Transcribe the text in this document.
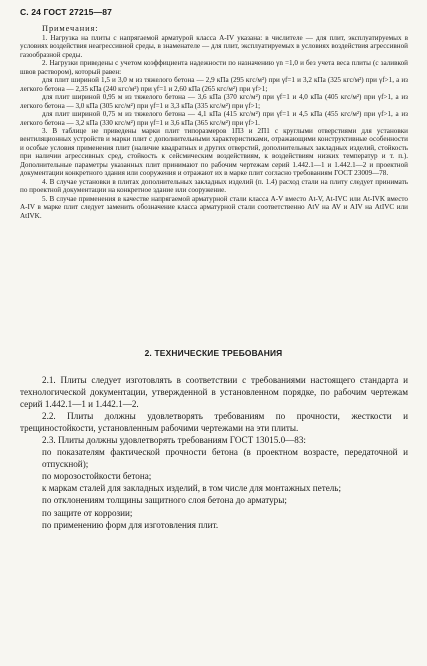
С. 24 ГОСТ 27215—87
Примечания:

1. Нагрузка на плиты с напрягаемой арматурой класса A-IV указана: в числителе — для плит, эксплуатируемых в условиях воздействия неагрессивной среды, в знаменателе — для плит, эксплуатируемых в условиях воздействия агрессивной газообразной среды.

2. Нагрузки приведены с учетом коэффициента надежности по назначению γn =1,0 и без учета веса плиты (с заливкой швов раствором), который равен:

для плит шириной 1,5 и 3,0 м из тяжелого бетона — 2,9 кПа (295 кгс/м²) при γf=1 и 3,2 кПа (325 кгс/м²) при γf>1, а из легкого бетона — 2,35 кПа (240 кгс/м²) при γf=1 и 2,60 кПа (265 кгс/м²) при γf>1;

для плит шириной 0,95 м из тяжелого бетона — 3,6 кПа (370 кгс/м²) при γf=1 и 4,0 кПа (405 кгс/м²) при γf>1, а из легкого бетона — 3,0 кПа (305 кгс/м²) при γf=1 и 3,3 кПа (335 кгс/м²) при γf>1;

для плит шириной 0,75 м из тяжелого бетона — 4,1 кПа (415 кгс/м²) при γf=1 и 4,5 кПа (455 кгс/м²) при γf>1, а из легкого бетона — 3,2 кПа (330 кгс/м²) при γf=1 и 3,6 кПа (365 кгс/м²) при γf>1.

3. В таблице не приведены марки плит типоразмеров 1П3 и 2П1 с круглыми отверстиями для установки вентиляционных устройств и марки плит с дополнительными характеристиками, отражающими конструктивные особенности и особые условия применения плит (наличие квадратных и других отверстий, дополнительных закладных изделий, стойкость при наличии агрессивных сред, стойкость к сейсмическим воздействиям, к воздействиям низких температур и т. п.). Дополнительные параметры указанных плит принимают по рабочим чертежам серий 1.442.1—1 и 1.442.1—2 и проектной документации конкретного здания или сооружения и отражают их в марке плит согласно требованиям ГОСТ 23009—78.

4. В случае установки в плитах дополнительных закладных изделий (п. 1.4) расход стали на плиту следует принимать по проектной документации на конкретное здание или сооружение.

5. В случае применения в качестве напрягаемой арматурной стали класса A-V вместо At-V, At-IVC или At-IVK вместо A-IV в марке плит следует заменить обозначение класса арматурной стали соответственно AtV на AV и AIV на AtIVC или AtIVK.

2. ТЕХНИЧЕСКИЕ ТРЕБОВАНИЯ

2.1. Плиты следует изготовлять в соответствии с требованиями настоящего стандарта и технологической документации, утвержденной в установленном порядке, по рабочим чертежам серий 1.442.1—1 и 1.442.1—2.

2.2. Плиты должны удовлетворять требованиям по прочности, жесткости и трещиностойкости, установленным рабочими чертежами на эти плиты.

2.3. Плиты должны удовлетворять требованиям ГОСТ 13015.0—83:

по показателям фактической прочности бетона (в проектном возрасте, передаточной и отпускной);

по морозостойкости бетона;

к маркам сталей для закладных изделий, в том числе для монтажных петель;

по отклонениям толщины защитного слоя бетона до арматуры;

по защите от коррозии;

по применению форм для изготовления плит.
